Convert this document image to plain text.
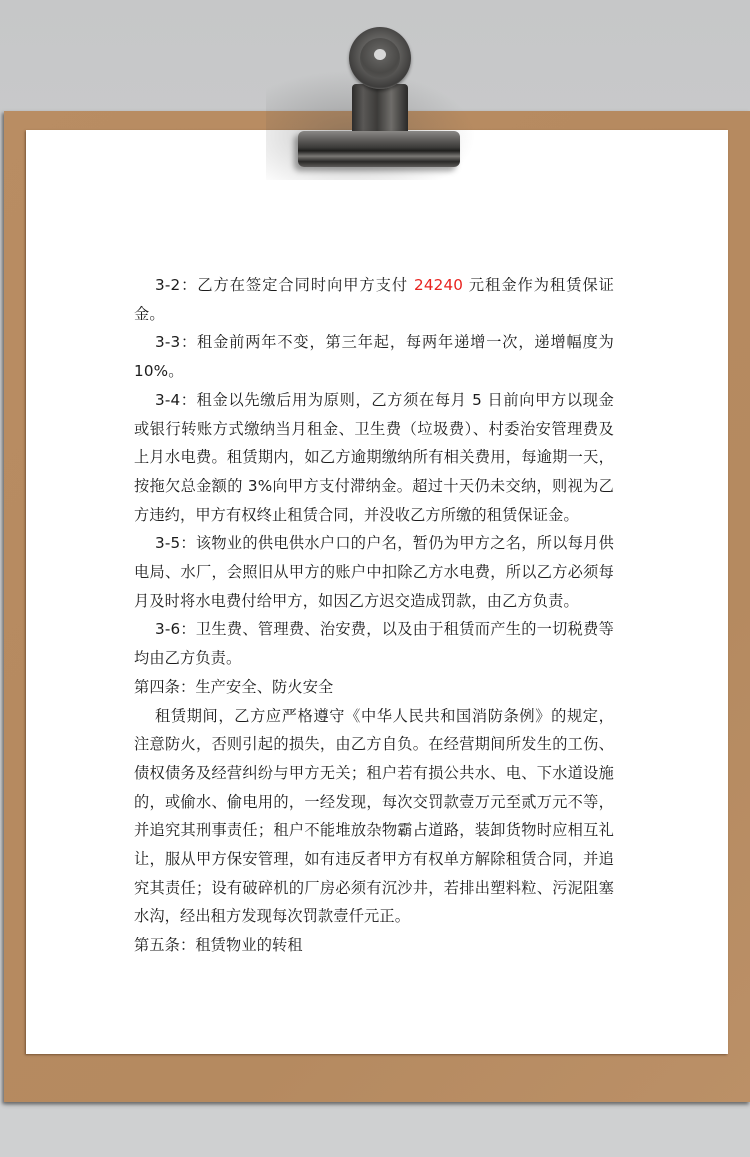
3-2：乙方在签定合同时向甲方支付 24240 元租金作为租赁保证金。

3-3：租金前两年不变，第三年起，每两年递增一次，递增幅度为 10%。

3-4：租金以先缴后用为原则，乙方须在每月 5 日前向甲方以现金或银行转账方式缴纳当月租金、卫生费（垃圾费）、村委治安管理费及上月水电费。租赁期内，如乙方逾期缴纳所有相关费用，每逾期一天，按拖欠总金额的 3%向甲方支付滞纳金。超过十天仍未交纳，则视为乙方违约，甲方有权终止租赁合同，并没收乙方所缴的租赁保证金。

3-5：该物业的供电供水户口的户名，暂仍为甲方之名，所以每月供电局、水厂，会照旧从甲方的账户中扣除乙方水电费，所以乙方必须每月及时将水电费付给甲方，如因乙方迟交造成罚款，由乙方负责。

3-6：卫生费、管理费、治安费，以及由于租赁而产生的一切税费等均由乙方负责。

第四条：生产安全、防火安全

租赁期间，乙方应严格遵守《中华人民共和国消防条例》的规定，注意防火，否则引起的损失，由乙方自负。在经营期间所发生的工伤、债权债务及经营纠纷与甲方无关；租户若有损公共水、电、下水道设施的，或偷水、偷电用的，一经发现，每次交罚款壹万元至贰万元不等，并追究其刑事责任；租户不能堆放杂物霸占道路，装卸货物时应相互礼让，服从甲方保安管理，如有违反者甲方有权单方解除租赁合同，并追究其责任；设有破碎机的厂房必须有沉沙井，若排出塑料粒、污泥阻塞水沟，经出租方发现每次罚款壹仟元正。

第五条：租赁物业的转租
